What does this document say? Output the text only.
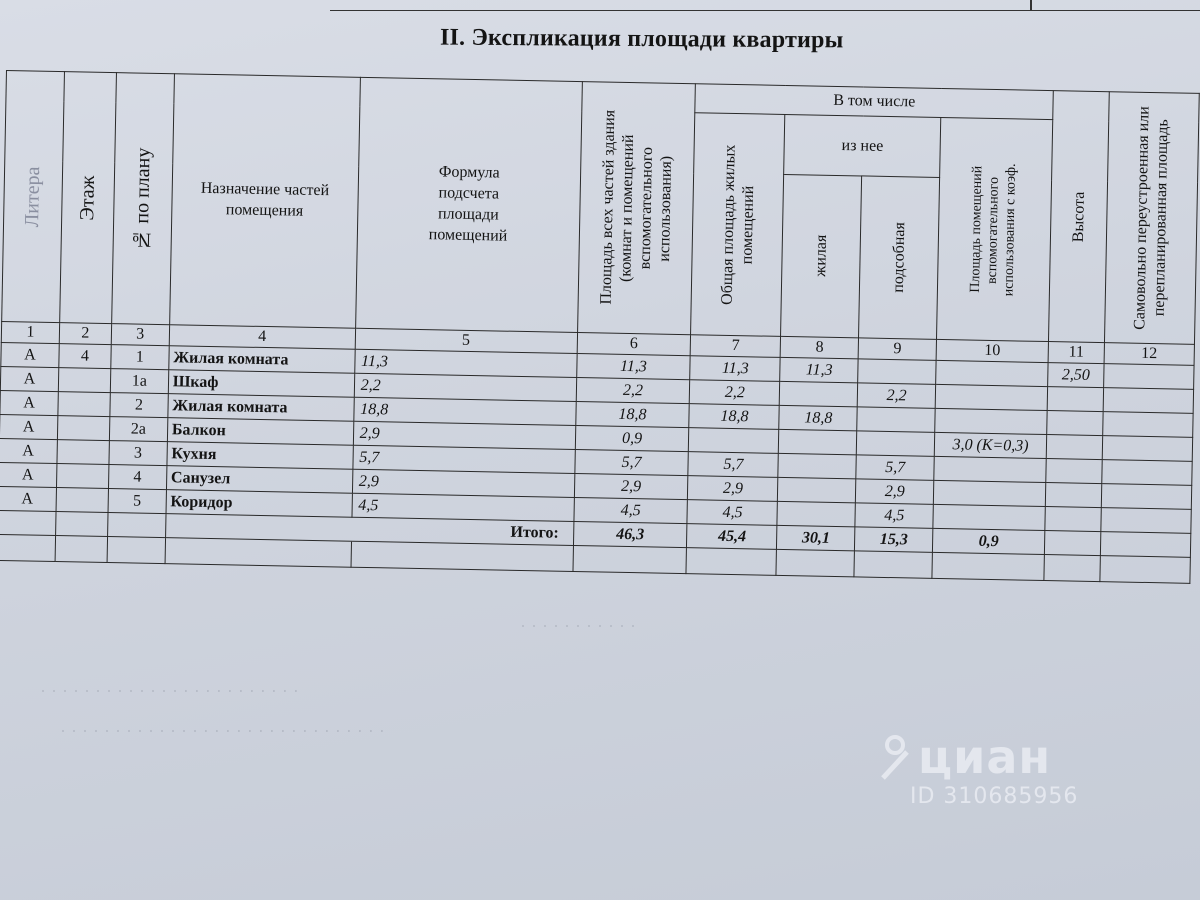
II. Экспликация площади квартиры
Литера	Этаж	№ по плану	Назначение частей помещения	Формула подсчета площади помещений	Площадь всех частей здания (комнат и помещений вспомогательного использования)	В том числе				Высота	Самовольно переустроенная или перепланированная площадь

						Общая площадь жилых помещений	из нее		Площадь помещений вспомогательного использования с коэф.		

							жилая	подсобная			

1	2	3	4	5	6	7	8	9	10	11	12
А	4	1	Жилая комната	11,3	11,3	11,3	11,3			2,50	
А		1а	Шкаф	2,2	2,2	2,2		2,2			
А		2	Жилая комната	18,8	18,8	18,8	18,8				
А		2а	Балкон	2,9	0,9				3,0 (К=0,3)		
А		3	Кухня	5,7	5,7	5,7		5,7			
А		4	Санузел	2,9	2,9	2,9		2,9			
А		5	Коридор	4,5	4,5	4,5		4,5			
				Итого:	46,3	45,4	30,1	15,3	0,9		

· · · · · · · · · · ·
· · · · · · · · · · · · · · · · · · · · · · · ·
· · · · · · · · · · · · · · · · · · · · · · · · · · · · · ·	циан
ID 310685956
